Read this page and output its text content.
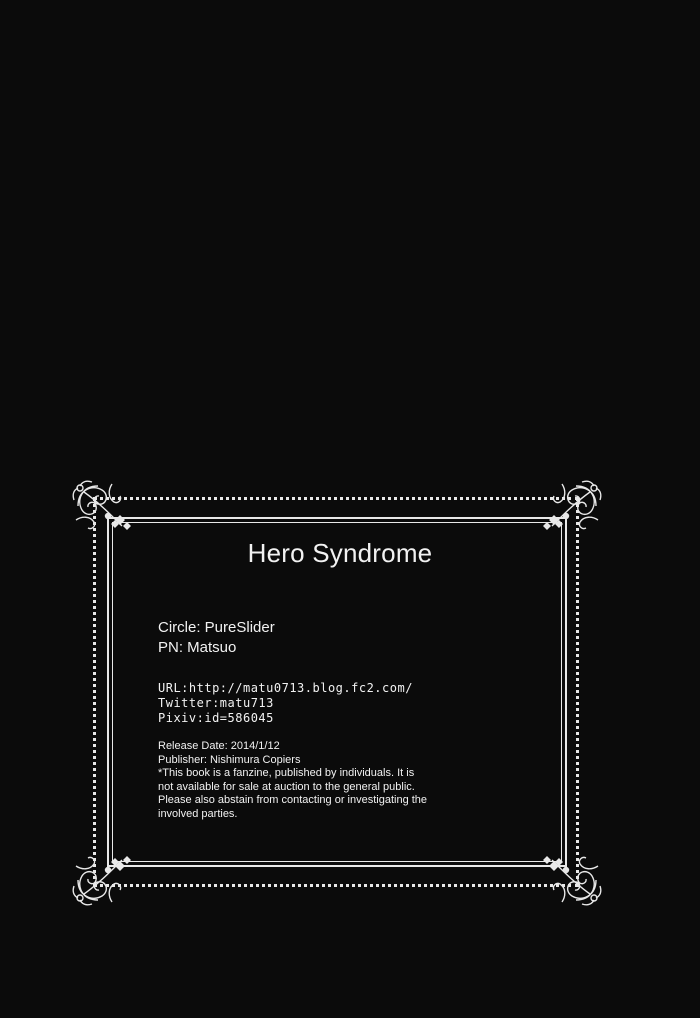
Hero Syndrome
Circle: PureSlider
PN: Matsuo
URL:http://matu0713.blog.fc2.com/
Twitter:matu713
Pixiv:id=586045
Release Date: 2014/1/12
Publisher: Nishimura Copiers
*This book is a fanzine, published by individuals. It is
not available for sale at auction to the general public.
Please also abstain from contacting or investigating the
involved parties.
